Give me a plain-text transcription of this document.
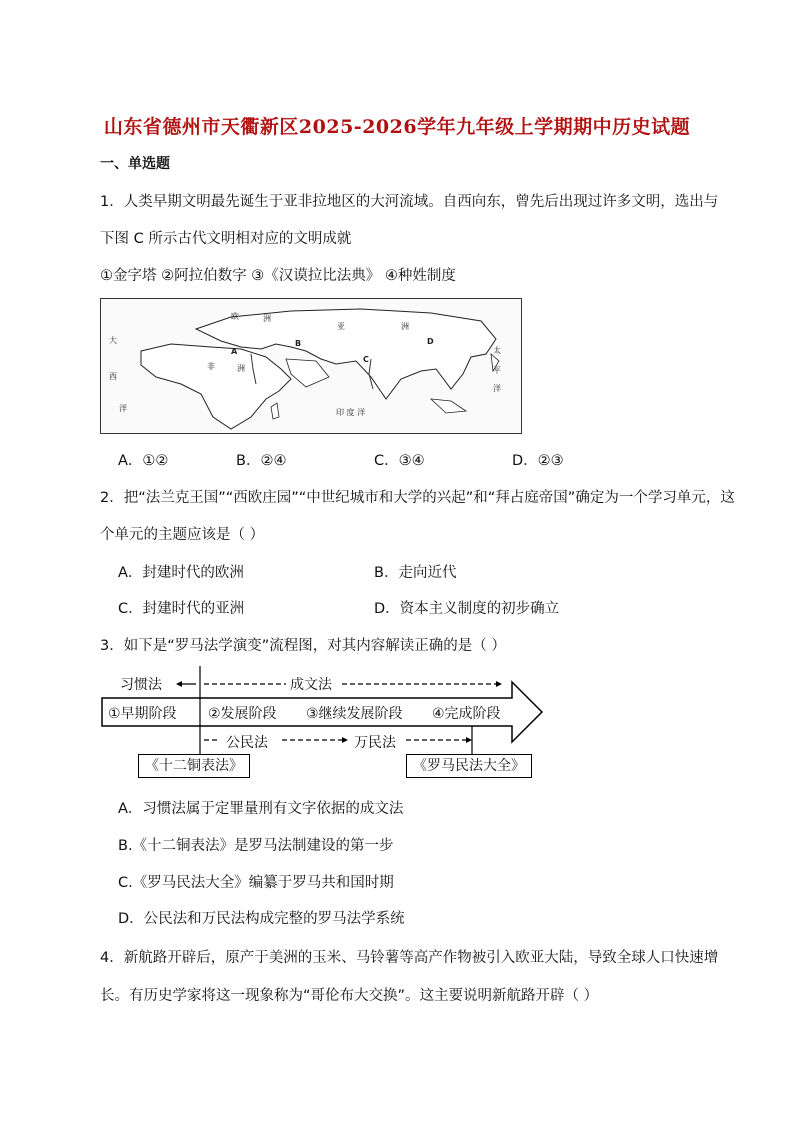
山东省德州市天衢新区2025-2026学年九年级上学期期中历史试题
一、单选题
1．人类早期文明最先诞生于亚非拉地区的大河流域。自西向东，曾先后出现过许多文明，选出与
下图 C 所示古代文明相对应的文明成就
①金字塔 ②阿拉伯数字 ③《汉谟拉比法典》 ④种姓制度
欧	洲
亚	洲
非	洲
大
西
洋
太
平
洋
印 度 洋
A
B
C
D
A．①②	B．②④	C．③④	D．②③
2．把“法兰克王国”“西欧庄园”“中世纪城市和大学的兴起”和“拜占庭帝国”确定为一个学习单元，这
个单元的主题应该是（ ）
A．封建时代的欧洲	B．走向近代
C．封建时代的亚洲	D．资本主义制度的初步确立
3．如下是“罗马法学演变”流程图，对其内容解读正确的是（ ）
习惯法	成文法
①早期阶段 ②发展阶段 ③继续发展阶段 ④完成阶段
公民法	万民法
《十二铜表法》	《罗马民法大全》
A．习惯法属于定罪量刑有文字依据的成文法
B.《十二铜表法》是罗马法制建设的第一步
C.《罗马民法大全》编纂于罗马共和国时期
D．公民法和万民法构成完整的罗马法学系统
4．新航路开辟后，原产于美洲的玉米、马铃薯等高产作物被引入欧亚大陆，导致全球人口快速增
长。有历史学家将这一现象称为“哥伦布大交换”。这主要说明新航路开辟（ ）
